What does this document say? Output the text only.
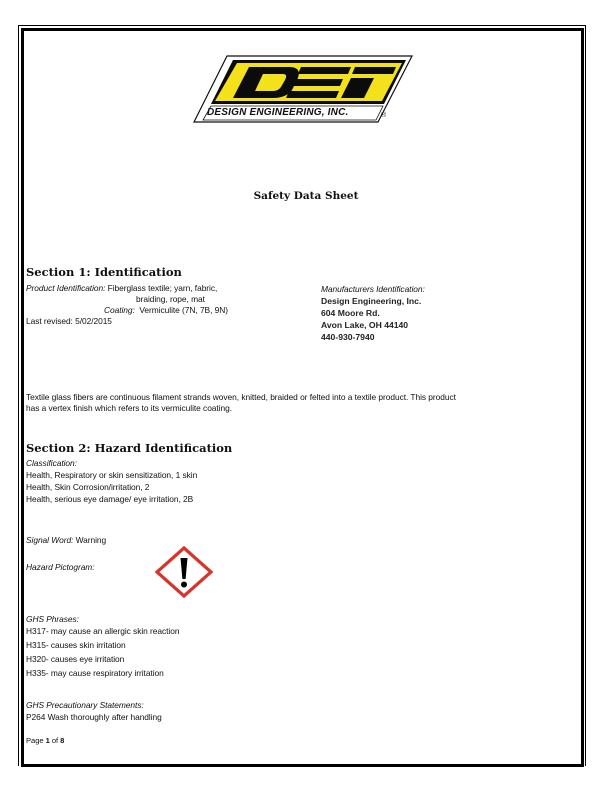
DESIGN ENGINEERING, INC.	®
Safety Data Sheet
Section 1: Identification
Product Identification: Fiberglass textile; yarn, fabric,
braiding, rope, mat
Coating: Vermiculite (7N, 7B, 9N)
Last revised: 5/02/2015
Manufacturers Identification:
Design Engineering, Inc.
604 Moore Rd.
Avon Lake, OH 44140
440-930-7940
Textile glass fibers are continuous filament strands woven, knitted, braided or felted into a textile product. This product
has a vertex finish which refers to its vermiculite coating.
Section 2: Hazard Identification
Classification:
Health, Respiratory or skin sensitization, 1 skin
Health, Skin Corrosion/irritation, 2
Health, serious eye damage/ eye irritation, 2B
Signal Word: Warning
Hazard Pictogram:
GHS Phrases:
H317- may cause an allergic skin reaction
H315- causes skin irritation
H320- causes eye irritation
H335- may cause respiratory irritation
GHS Precautionary Statements:
P264 Wash thoroughly after handling
Page 1 of 8
